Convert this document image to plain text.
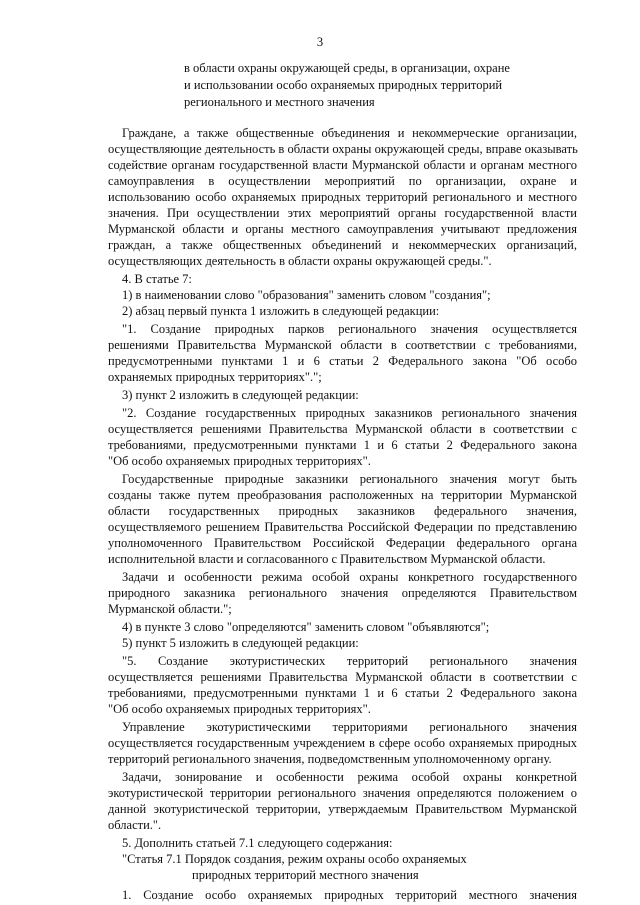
3
в области охраны окружающей среды, в организации, охране
и использовании особо охраняемых природных территорий
регионального и местного значения
Граждане, а также общественные объединения и некоммерческие организации,
осуществляющие деятельность в области охраны окружающей среды, вправе оказывать
содействие органам государственной власти Мурманской области и органам местного
самоуправления в осуществлении мероприятий по организации, охране и
использованию особо охраняемых природных территорий регионального и местного
значения. При осуществлении этих мероприятий органы государственной власти
Мурманской области и органы местного самоуправления учитывают предложения
граждан, а также общественных объединений и некоммерческих организаций,
осуществляющих деятельность в области охраны окружающей среды.".
4. В статье 7:
1) в наименовании слово "образования" заменить словом "создания";
2) абзац первый пункта 1 изложить в следующей редакции:
"1. Создание природных парков регионального значения осуществляется
решениями Правительства Мурманской области в соответствии с требованиями,
предусмотренными пунктами 1 и 6 статьи 2 Федерального закона "Об особо
охраняемых природных территориях".";
3) пункт 2 изложить в следующей редакции:
"2. Создание государственных природных заказников регионального значения
осуществляется решениями Правительства Мурманской области в соответствии с
требованиями, предусмотренными пунктами 1 и 6 статьи 2 Федерального закона
"Об особо охраняемых природных территориях".
Государственные природные заказники регионального значения могут быть
созданы также путем преобразования расположенных на территории Мурманской
области государственных природных заказников федерального значения,
осуществляемого решением Правительства Российской Федерации по представлению
уполномоченного Правительством Российской Федерации федерального органа
исполнительной власти и согласованного с Правительством Мурманской области.
Задачи и особенности режима особой охраны конкретного государственного
природного заказника регионального значения определяются Правительством
Мурманской области.";
4) в пункте 3 слово "определяются" заменить словом "объявляются";
5) пункт 5 изложить в следующей редакции:
"5. Создание экотуристических территорий регионального значения
осуществляется решениями Правительства Мурманской области в соответствии с
требованиями, предусмотренными пунктами 1 и 6 статьи 2 Федерального закона
"Об особо охраняемых природных территориях".
Управление экотуристическими территориями регионального значения
осуществляется государственным учреждением в сфере особо охраняемых природных
территорий регионального значения, подведомственным уполномоченному органу.
Задачи, зонирование и особенности режима особой охраны конкретной
экотуристической территории регионального значения определяются положением о
данной экотуристической территории, утверждаемым Правительством Мурманской
области.".
5. Дополнить статьей 7.1 следующего содержания:
"Статья 7.1 Порядок создания, режим охраны особо охраняемых
природных территорий местного значения
1. Создание особо охраняемых природных территорий местного значения
